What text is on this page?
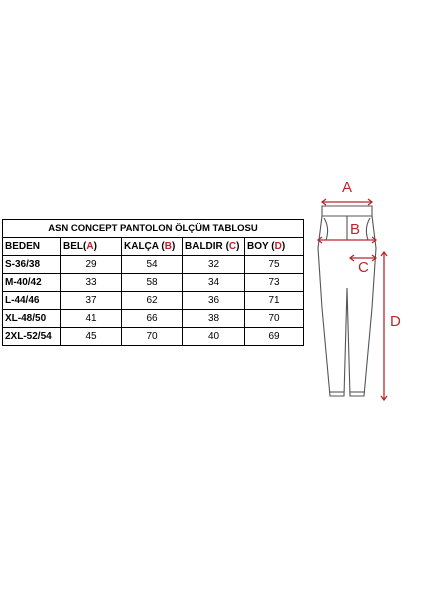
ASN CONCEPT PANTOLON ÖLÇÜM TABLOSU				
BEDEN	BEL(A)	KALÇA (B)	BALDIR (C)	BOY (D)
S-36/38	29	54	32	75
M-40/42	33	58	34	73
L-44/46	37	62	36	71
XL-48/50	41	66	38	70
2XL-52/54	45	70	40	69
A
B
C
D
